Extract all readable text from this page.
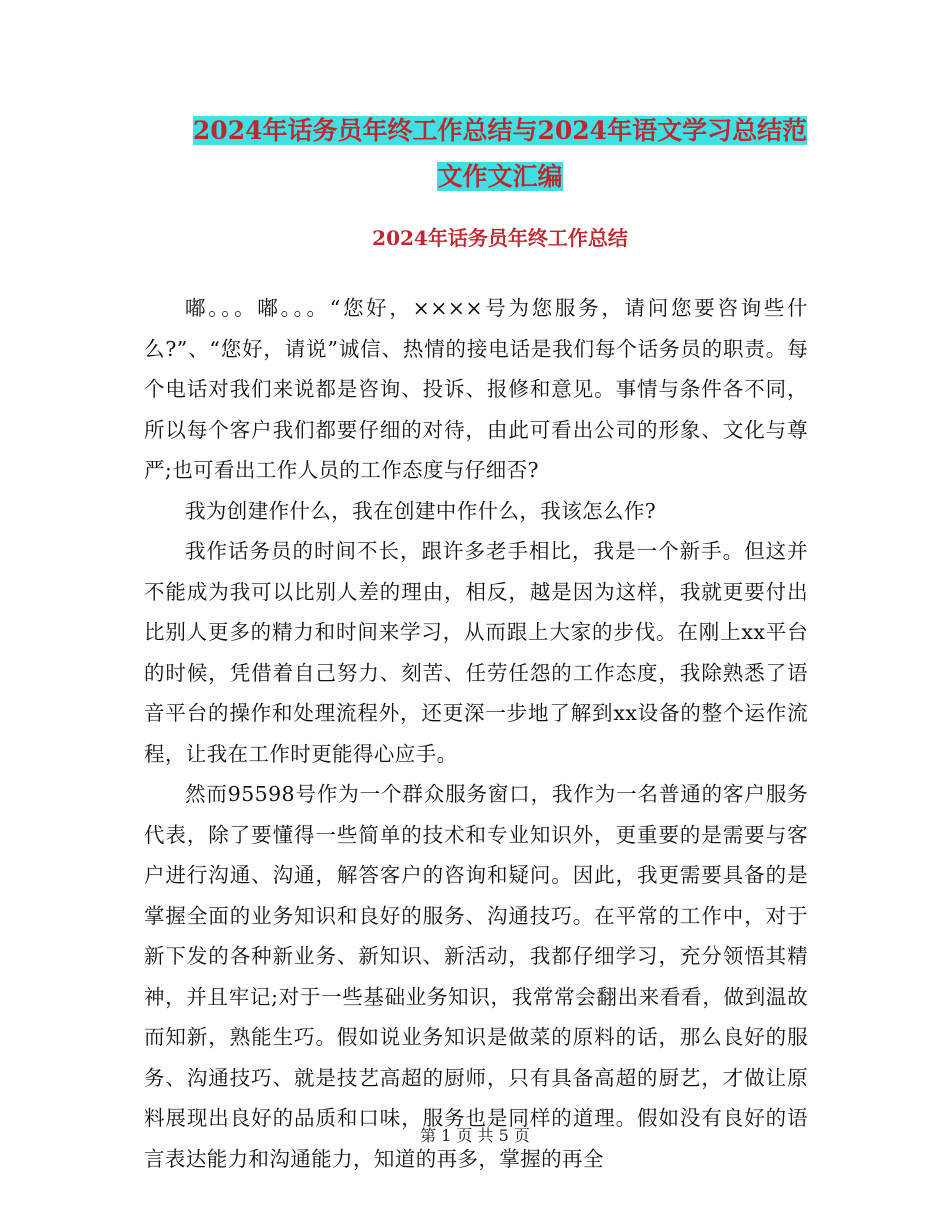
2024年话务员年终工作总结与2024年语文学习总结范
文作文汇编
2024年话务员年终工作总结

嘟。。。嘟。。。“您好，××××号为您服务，请问您要咨询些什么?”、“您好，请说”诚信、热情的接电话是我们每个话务员的职责。每个电话对我们来说都是咨询、投诉、报修和意见。事情与条件各不同，所以每个客户我们都要仔细的对待，由此可看出公司的形象、文化与尊严;也可看出工作人员的工作态度与仔细否?

我为创建作什么，我在创建中作什么，我该怎么作?

我作话务员的时间不长，跟许多老手相比，我是一个新手。但这并不能成为我可以比别人差的理由，相反，越是因为这样，我就更要付出比别人更多的精力和时间来学习，从而跟上大家的步伐。在刚上xx平台的时候，凭借着自己努力、刻苦、任劳任怨的工作态度，我除熟悉了语音平台的操作和处理流程外，还更深一步地了解到xx设备的整个运作流程，让我在工作时更能得心应手。

然而95598号作为一个群众服务窗口，我作为一名普通的客户服务代表，除了要懂得一些简单的技术和专业知识外，更重要的是需要与客户进行沟通、沟通，解答客户的咨询和疑问。因此，我更需要具备的是掌握全面的业务知识和良好的服务、沟通技巧。在平常的工作中，对于新下发的各种新业务、新知识、新活动，我都仔细学习，充分领悟其精神，并且牢记;对于一些基础业务知识，我常常会翻出来看看，做到温故而知新，熟能生巧。假如说业务知识是做菜的原料的话，那么良好的服务、沟通技巧、就是技艺高超的厨师，只有具备高超的厨艺，才做让原料展现出良好的品质和口味，服务也是同样的道理。假如没有良好的语言表达能力和沟通能力，知道的再多，掌握的再全

第 1 页 共 5 页
